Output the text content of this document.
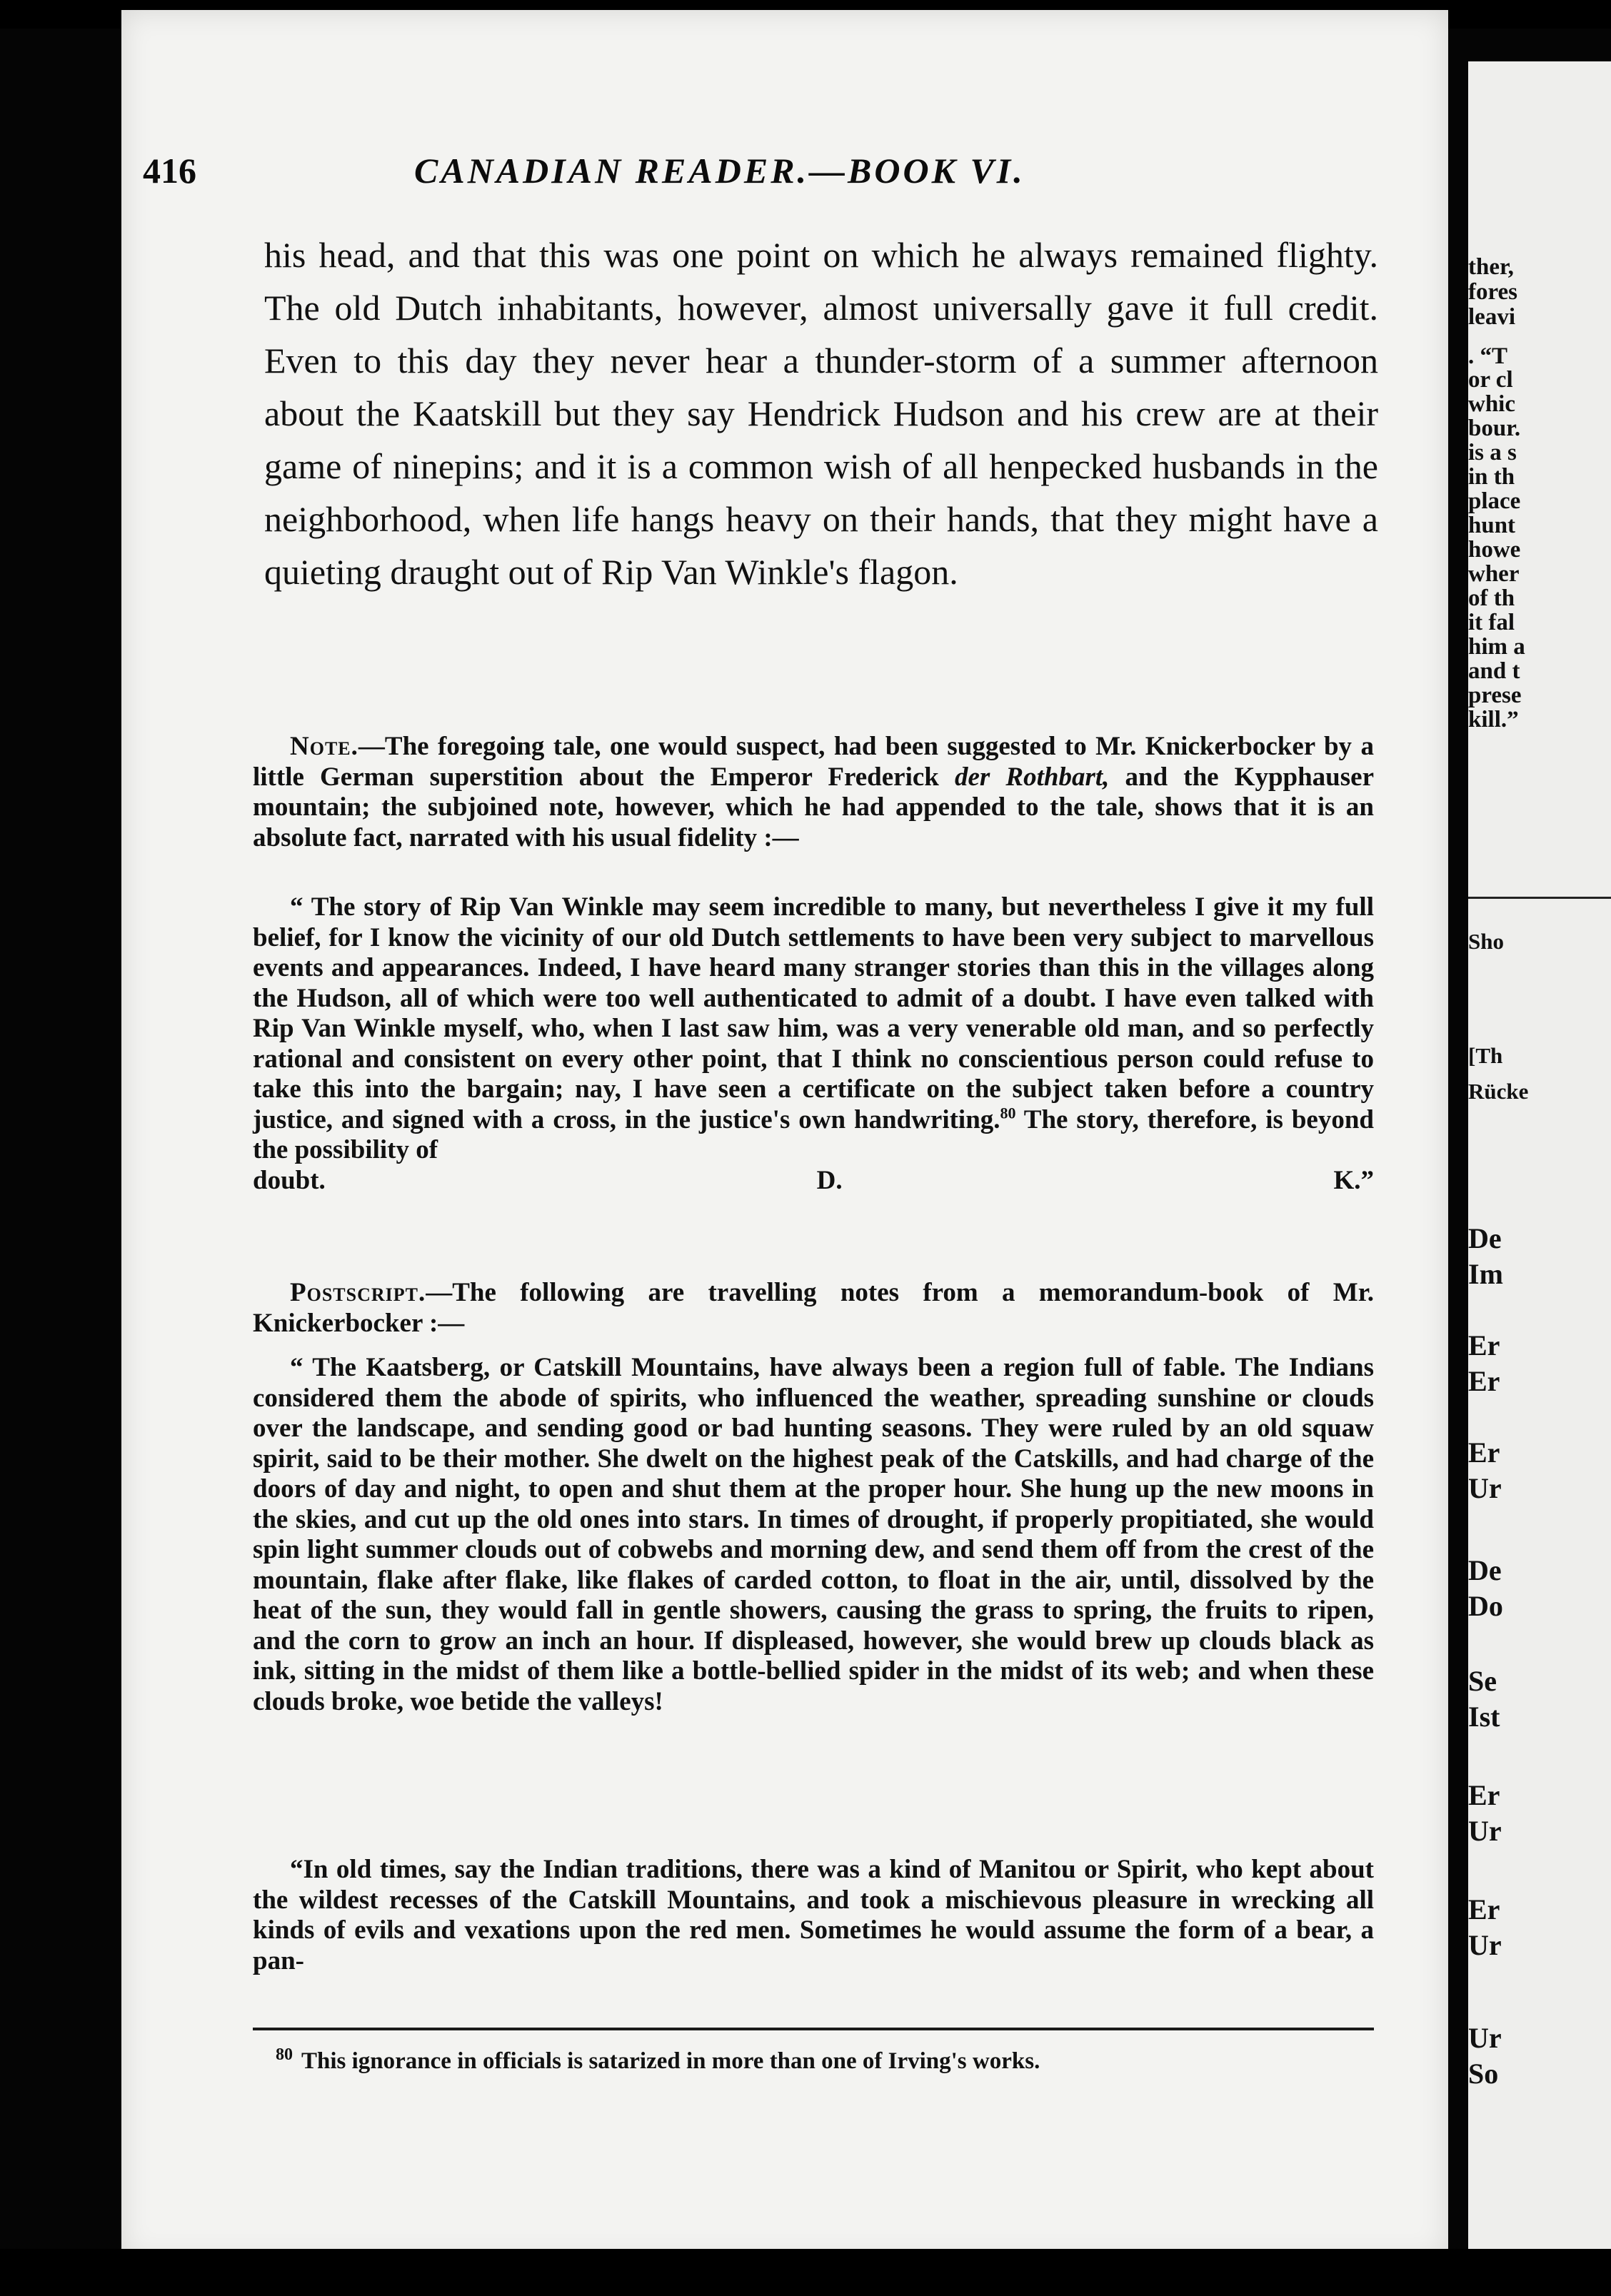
416	CANADIAN READER.—BOOK VI.

his head, and that this was one point on which he always remained flighty. The old Dutch inhabitants, however, almost universally gave it full credit. Even to this day they never hear a thunder-storm of a summer afternoon about the Kaatskill but they say Hendrick Hudson and his crew are at their game of ninepins; and it is a common wish of all henpecked husbands in the neighborhood, when life hangs heavy on their hands, that they might have a quieting draught out of Rip Van Winkle's flagon.

Note.—The foregoing tale, one would suspect, had been suggested to Mr. Knickerbocker by a little German superstition about the Emperor Frederick der Rothbart, and the Kypphauser mountain; the subjoined note, however, which he had appended to the tale, shows that it is an absolute fact, narrated with his usual fidelity :—

“ The story of Rip Van Winkle may seem incredible to many, but nevertheless I give it my full belief, for I know the vicinity of our old Dutch settlements to have been very subject to marvellous events and appearances. Indeed, I have heard many stranger stories than this in the villages along the Hudson, all of which were too well authenticated to admit of a doubt. I have even talked with Rip Van Winkle myself, who, when I last saw him, was a very venerable old man, and so perfectly rational and consistent on every other point, that I think no conscientious person could refuse to take this into the bargain; nay, I have seen a certificate on the subject taken before a country justice, and signed with a cross, in the justice's own handwriting.$^{80}$ The story, therefore, is beyond the possibility of

doubt.	D. K.”

Postscript.—The following are travelling notes from a memorandum-book of Mr. Knickerbocker :—

“ The Kaatsberg, or Catskill Mountains, have always been a region full of fable. The Indians considered them the abode of spirits, who influenced the weather, spreading sunshine or clouds over the landscape, and sending good or bad hunting seasons. They were ruled by an old squaw spirit, said to be their mother. She dwelt on the highest peak of the Catskills, and had charge of the doors of day and night, to open and shut them at the proper hour. She hung up the new moons in the skies, and cut up the old ones into stars. In times of drought, if properly propitiated, she would spin light summer clouds out of cobwebs and morning dew, and send them off from the crest of the mountain, flake after flake, like flakes of carded cotton, to float in the air, until, dissolved by the heat of the sun, they would fall in gentle showers, causing the grass to spring, the fruits to ripen, and the corn to grow an inch an hour. If displeased, however, she would brew up clouds black as ink, sitting in the midst of them like a bottle-bellied spider in the midst of its web; and when these clouds broke, woe betide the valleys!

“In old times, say the Indian traditions, there was a kind of Manitou or Spirit, who kept about the wildest recesses of the Catskill Mountains, and took a mischievous pleasure in wrecking all kinds of evils and vexations upon the red men. Sometimes he would assume the form of a bear, a pan-

$^{80}$ This ignorance in officials is satarized in more than one of Irving's works.
ther,
fores
leavi
. “T
or cl
whic
bour.
is a s
in th
place
hunt
howe
wher
of th
it fal
him a
and t
prese
kill.”
Sho
[Th
Rücke
De
Im
Er
Er
Er
Ur
De
Do
Se
Ist
Er
Ur
Er
Ur
Ur
So
